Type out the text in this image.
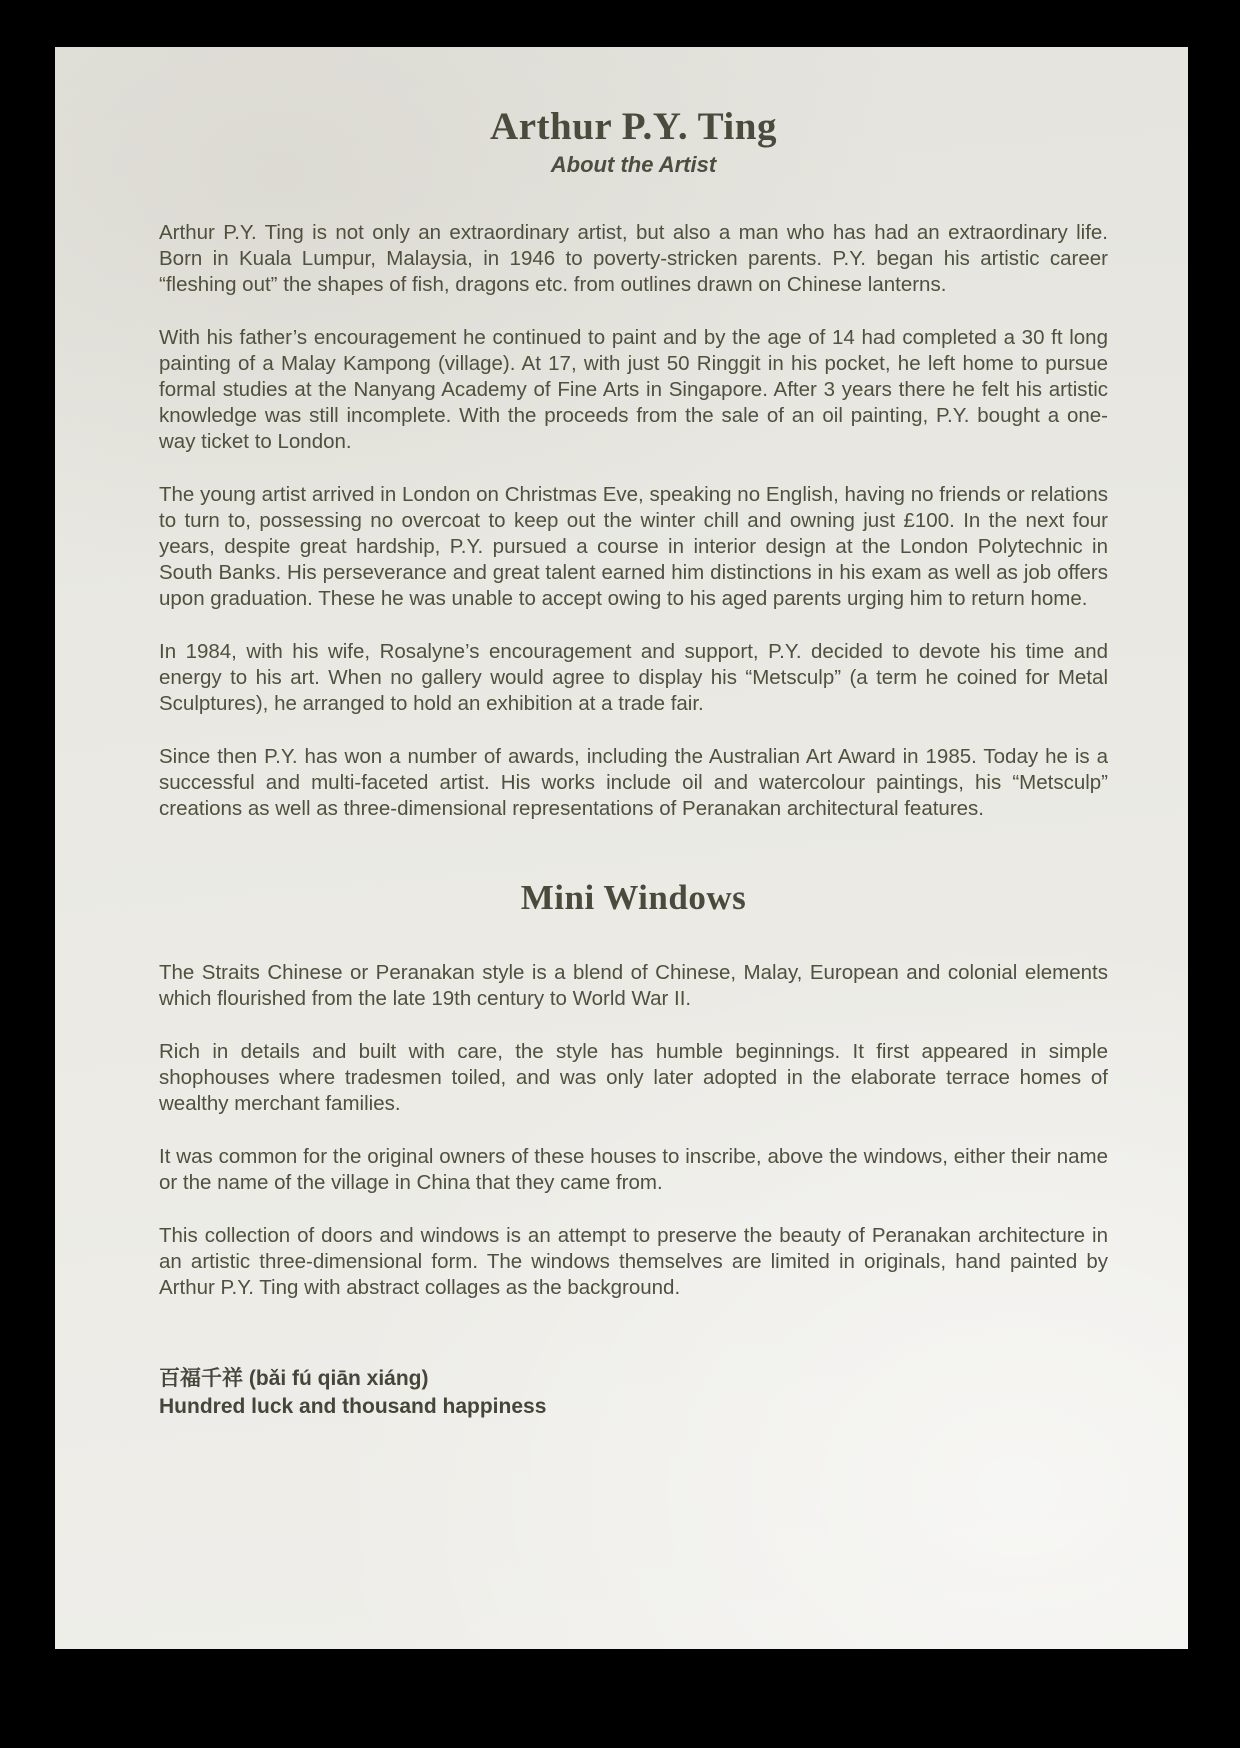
Arthur P.Y. Ting
About the Artist

Arthur P.Y. Ting is not only an extraordinary artist, but also a man who has had an extraordinary life. Born in Kuala Lumpur, Malaysia, in 1946 to poverty-stricken parents. P.Y. began his artistic career “fleshing out” the shapes of fish, dragons etc. from outlines drawn on Chinese lanterns.

With his father’s encouragement he continued to paint and by the age of 14 had completed a 30 ft long painting of a Malay Kampong (village). At 17, with just 50 Ringgit in his pocket, he left home to pursue formal studies at the Nanyang Academy of Fine Arts in Singapore. After 3 years there he felt his artistic knowledge was still incomplete. With the proceeds from the sale of an oil painting, P.Y. bought a one-way ticket to London.

The young artist arrived in London on Christmas Eve, speaking no English, having no friends or relations to turn to, possessing no overcoat to keep out the winter chill and owning just £100. In the next four years, despite great hardship, P.Y. pursued a course in interior design at the London Polytechnic in South Banks. His perseverance and great talent earned him distinctions in his exam as well as job offers upon graduation. These he was unable to accept owing to his aged parents urging him to return home.

In 1984, with his wife, Rosalyne’s encouragement and support, P.Y. decided to devote his time and energy to his art. When no gallery would agree to display his “Metsculp” (a term he coined for Metal Sculptures), he arranged to hold an exhibition at a trade fair.

Since then P.Y. has won a number of awards, including the Australian Art Award in 1985. Today he is a successful and multi-faceted artist. His works include oil and watercolour paintings, his “Metsculp” creations as well as three-dimensional representations of Peranakan architectural features.

Mini Windows

The Straits Chinese or Peranakan style is a blend of Chinese, Malay, European and colonial elements which flourished from the late 19th century to World War II.

Rich in details and built with care, the style has humble beginnings. It first appeared in simple shophouses where tradesmen toiled, and was only later adopted in the elaborate terrace homes of wealthy merchant families.

It was common for the original owners of these houses to inscribe, above the windows, either their name or the name of the village in China that they came from.

This collection of doors and windows is an attempt to preserve the beauty of Peranakan architecture in an artistic three-dimensional form. The windows themselves are limited in originals, hand painted by Arthur P.Y. Ting with abstract collages as the background.

百福千祥 (bǎi fú qiān xiáng)
Hundred luck and thousand happiness
